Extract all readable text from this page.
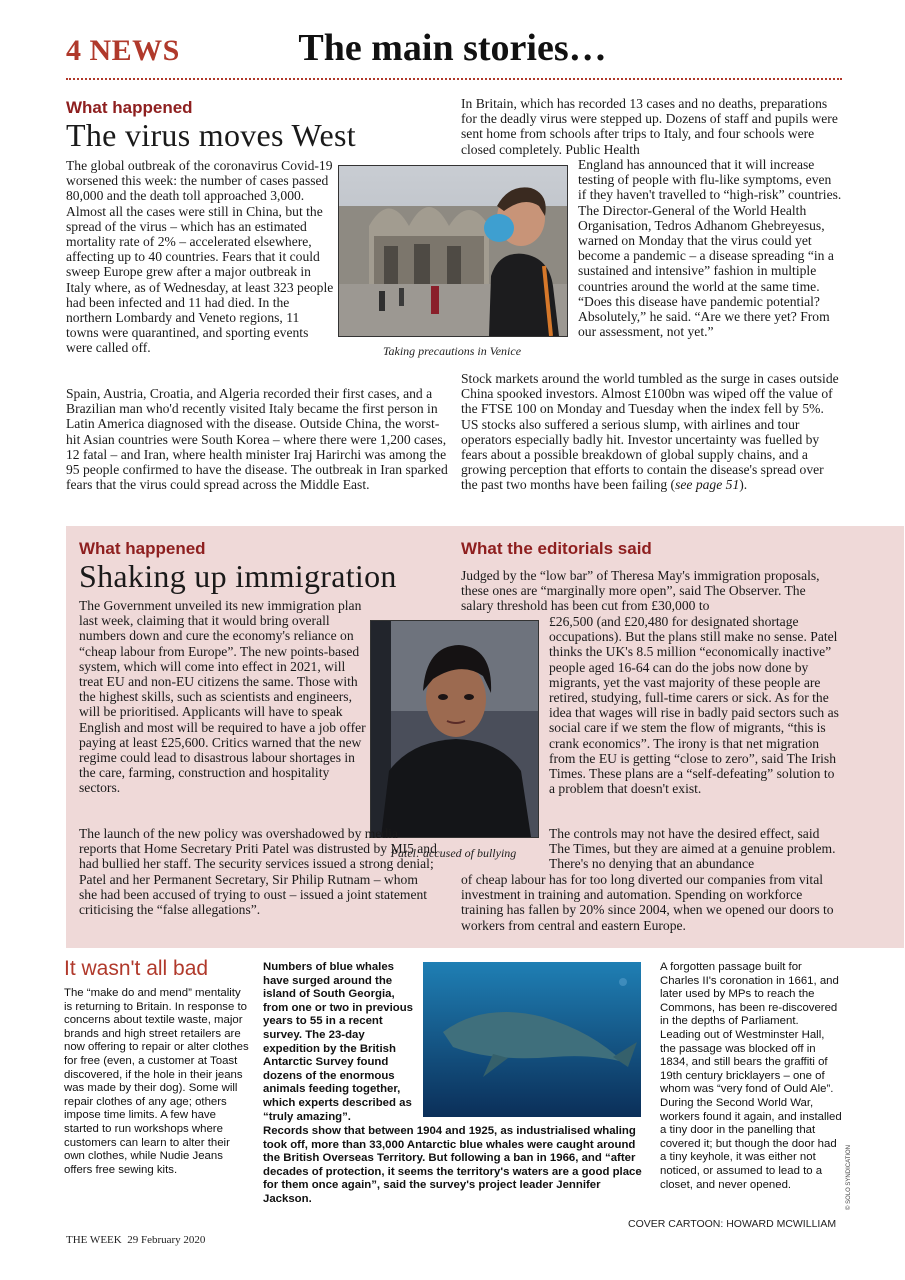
4 NEWS	The main stories…
What happened
The virus moves West
The global outbreak of the coronavirus Covid-19 worsened this week: the number of cases passed 80,000 and the death toll approached 3,000. Almost all the cases were still in China, but the spread of the virus – which has an estimated mortality rate of 2% – accelerated elsewhere, affecting up to 40 countries. Fears that it could sweep Europe grew after a major outbreak in Italy where, as of Wednesday, at least 323 people had been infected and 11 had died. In the northern Lombardy and Veneto regions, 11 towns were quarantined, and sporting events were called off.	Taking precautions in Venice
Spain, Austria, Croatia, and Algeria recorded their first cases, and a Brazilian man who'd recently visited Italy became the first person in Latin America diagnosed with the disease. Outside China, the worst-hit Asian countries were South Korea – where there were 1,200 cases, 12 fatal – and Iran, where health minister Iraj Harirchi was among the 95 people confirmed to have the disease. The outbreak in Iran sparked fears that the virus could spread across the Middle East.
In Britain, which has recorded 13 cases and no deaths, preparations for the deadly virus were stepped up. Dozens of staff and pupils were sent home from schools after trips to Italy, and four schools were closed completely. Public Health
England has announced that it will increase testing of people with flu-like symptoms, even if they haven't travelled to “high-risk” countries. The Director-General of the World Health Organisation, Tedros Adhanom Ghebreyesus, warned on Monday that the virus could yet become a pandemic – a disease spreading “in a sustained and intensive” fashion in multiple countries around the world at the same time. “Does this disease have pandemic potential? Absolutely,” he said. “Are we there yet? From our assessment, not yet.”
Stock markets around the world tumbled as the surge in cases outside China spooked investors. Almost £100bn was wiped off the value of the FTSE 100 on Monday and Tuesday when the index fell by 5%. US stocks also suffered a serious slump, with airlines and tour operators especially badly hit. Investor uncertainty was fuelled by fears about a possible breakdown of global supply chains, and a growing perception that efforts to contain the disease's spread over the past two months have been failing (see page 51).
What happened
Shaking up immigration
The Government unveiled its new immigration plan last week, claiming that it would bring overall numbers down and cure the economy's reliance on “cheap labour from Europe”. The new points-based system, which will come into effect in 2021, will treat EU and non-EU citizens the same. Those with the highest skills, such as scientists and engineers, will be prioritised. Applicants will have to speak English and most will be required to have a job offer paying at least £25,600. Critics warned that the new regime could lead to disastrous labour shortages in the care, farming, construction and hospitality sectors.
Patel: accused of bullying
The launch of the new policy was overshadowed by media reports that Home Secretary Priti Patel was distrusted by MI5 and had bullied her staff. The security services issued a strong denial; Patel and her Permanent Secretary, Sir Philip Rutnam – whom she had been accused of trying to oust – issued a joint statement criticising the “false allegations”.
What the editorials said
Judged by the “low bar” of Theresa May's immigration proposals, these ones are “marginally more open”, said The Observer. The salary threshold has been cut from £30,000 to
£26,500 (and £20,480 for designated shortage occupations). But the plans still make no sense. Patel thinks the UK's 8.5 million “economically inactive” people aged 16-64 can do the jobs now done by migrants, yet the vast majority of these people are retired, studying, full-time carers or sick. As for the idea that wages will rise in badly paid sectors such as social care if we stem the flow of migrants, “this is crank economics”. The irony is that net migration from the EU is getting “close to zero”, said The Irish Times. These plans are a “self-defeating” solution to a problem that doesn't exist.
The controls may not have the desired effect, said The Times, but they are aimed at a genuine problem. There's no denying that an abundance
of cheap labour has for too long diverted our companies from vital investment in training and automation. Spending on workforce training has fallen by 20% since 2004, when we opened our doors to workers from central and eastern Europe.
It wasn't all bad
The “make do and mend” mentality is returning to Britain. In response to concerns about textile waste, major brands and high street retailers are now offering to repair or alter clothes for free (even, a customer at Toast discovered, if the hole in their jeans was made by their dog). Some will repair clothes of any age; others impose time limits. A few have started to run workshops where customers can learn to alter their own clothes, while Nudie Jeans offers free sewing kits.
Numbers of blue whales have surged around the island of South Georgia, from one or two in previous years to 55 in a recent survey. The 23-day expedition by the British Antarctic Survey found dozens of the enormous animals feeding together, which experts described as “truly amazing”.
Records show that between 1904 and 1925, as industrialised whaling took off, more than 33,000 Antarctic blue whales were caught around the British Overseas Territory. But following a ban in 1966, and “after decades of protection, it seems the territory's waters are a good place for them once again”, said the survey's project leader Jennifer Jackson.
A forgotten passage built for Charles II's coronation in 1661, and later used by MPs to reach the Commons, has been re-discovered in the depths of Parliament. Leading out of Westminster Hall, the passage was blocked off in 1834, and still bears the graffiti of 19th century bricklayers – one of whom was “very fond of Ould Ale”. During the Second World War, workers found it again, and installed a tiny door in the panelling that covered it; but though the door had a tiny keyhole, it was either not noticed, or assumed to lead to a closet, and never opened.
COVER CARTOON: HOWARD MCWILLIAM
THE WEEK 29 February 2020
© SOLO SYNDICATION
